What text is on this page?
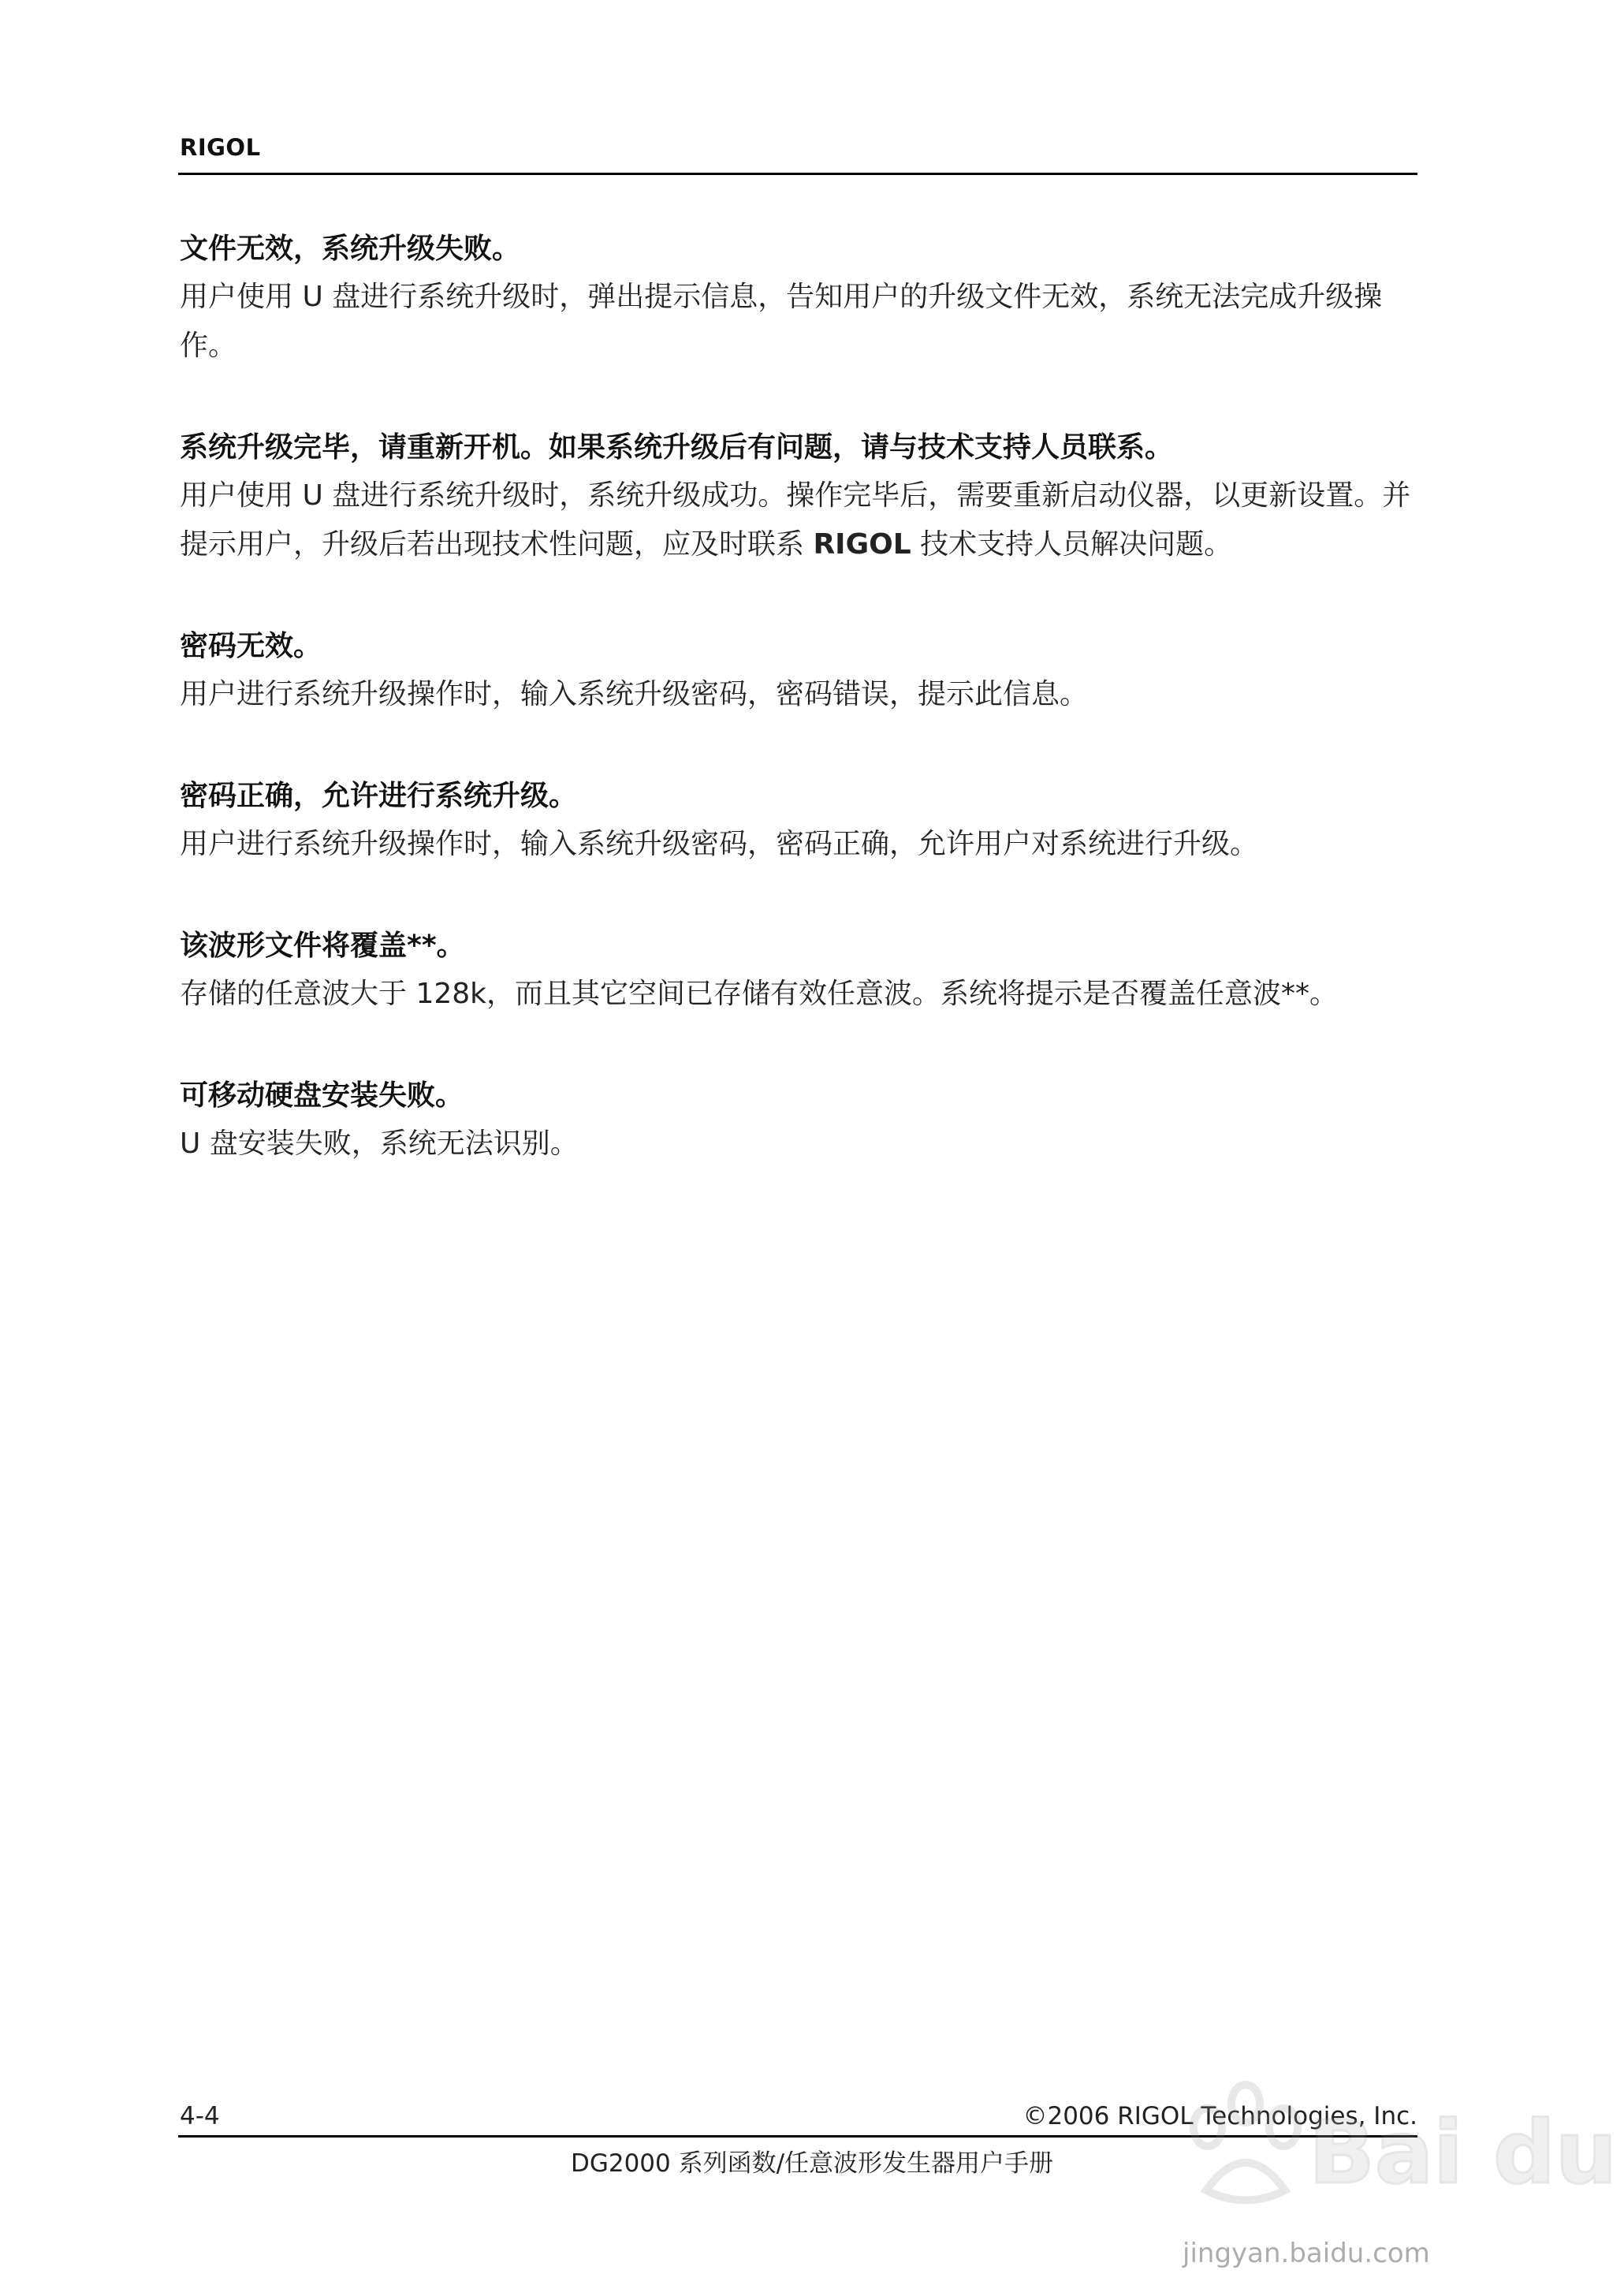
RIGOL
文件无效，系统升级失败。
用户使用 U 盘进行系统升级时，弹出提示信息，告知用户的升级文件无效，系统无法完成升级操作。
系统升级完毕，请重新开机。如果系统升级后有问题，请与技术支持人员联系。
用户使用 U 盘进行系统升级时，系统升级成功。操作完毕后，需要重新启动仪器，以更新设置。并提示用户，升级后若出现技术性问题，应及时联系 RIGOL 技术支持人员解决问题。
密码无效。
用户进行系统升级操作时，输入系统升级密码，密码错误，提示此信息。
密码正确，允许进行系统升级。
用户进行系统升级操作时，输入系统升级密码，密码正确，允许用户对系统进行升级。
该波形文件将覆盖**。
存储的任意波大于 128k，而且其它空间已存储有效任意波。系统将提示是否覆盖任意波**。
可移动硬盘安装失败。
U 盘安装失败，系统无法识别。
4-4	©2006 RIGOL Technologies, Inc.
DG2000 系列函数/任意波形发生器用户手册	Bai du
jingyan.baidu.com
